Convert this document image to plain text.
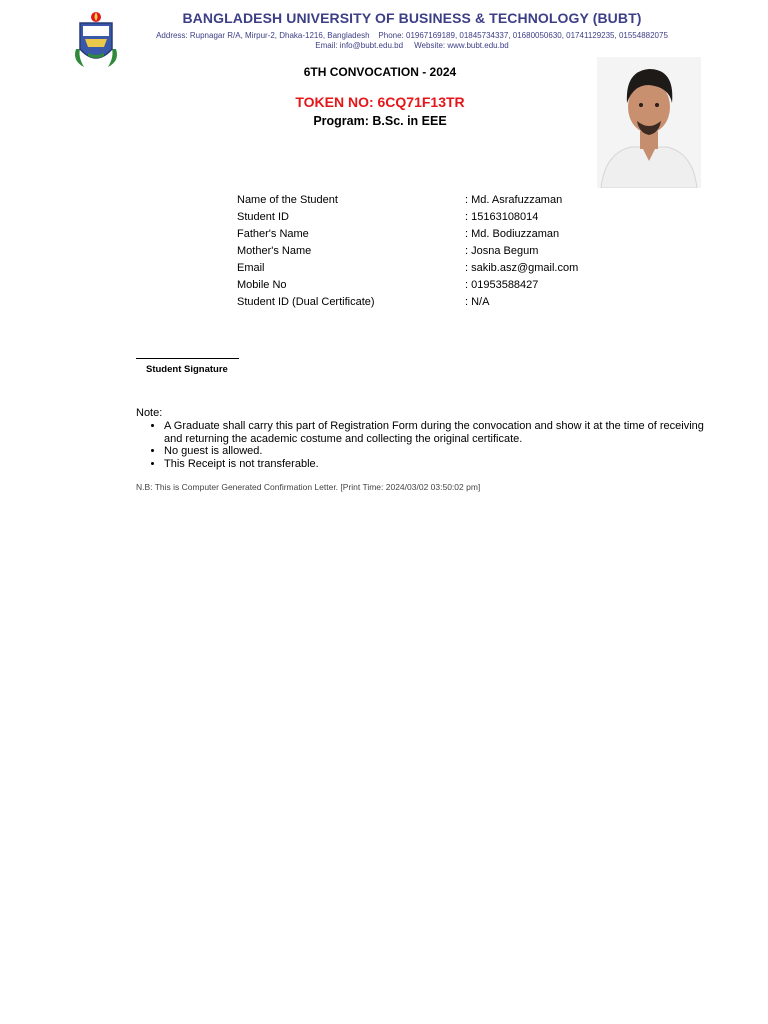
BANGLADESH UNIVERSITY OF BUSINESS & TECHNOLOGY (BUBT)
Address: Rupnagar R/A, Mirpur-2, Dhaka-1216, Bangladesh Phone: 01967169189, 01845734337, 01680050630, 01741129235, 01554882075
Email: info@bubt.edu.bd Website: www.bubt.edu.bd
6TH CONVOCATION - 2024
TOKEN NO: 6CQ71F13TR
Program: B.Sc. in EEE
Name of the Student	: Md. Asrafuzzaman
Student ID	: 15163108014
Father's Name	: Md. Bodiuzzaman
Mother's Name	: Josna Begum
Email	: sakib.asz@gmail.com
Mobile No	: 01953588427
Student ID (Dual Certificate)	: N/A
Student Signature
Note:
• A Graduate shall carry this part of Registration Form during the convocation and show it at the time of receiving and returning the academic costume and collecting the original certificate.
• No guest is allowed.
• This Receipt is not transferable.
N.B: This is Computer Generated Confirmation Letter. [Print Time: 2024/03/02 03:50:02 pm]
